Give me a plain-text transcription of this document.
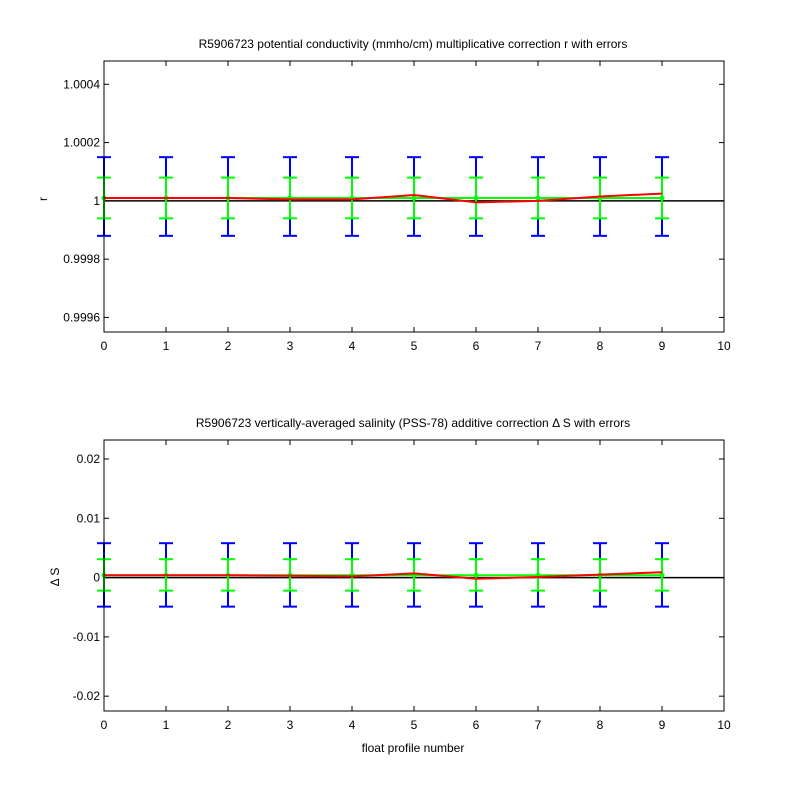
R5906723 potential conductivity (mmho/cm) multiplicative correction r with errors
r
0	1	2	3	4	5	6	7	8	9	10
0.9996
0.9998
1
1.0002
1.0004
R5906723 vertically-averaged salinity (PSS-78) additive correction Δ S with errors
Δ S
float profile number
0	1	2	3	4	5	6	7	8	9	10
-0.02
-0.01
0
0.01
0.02
